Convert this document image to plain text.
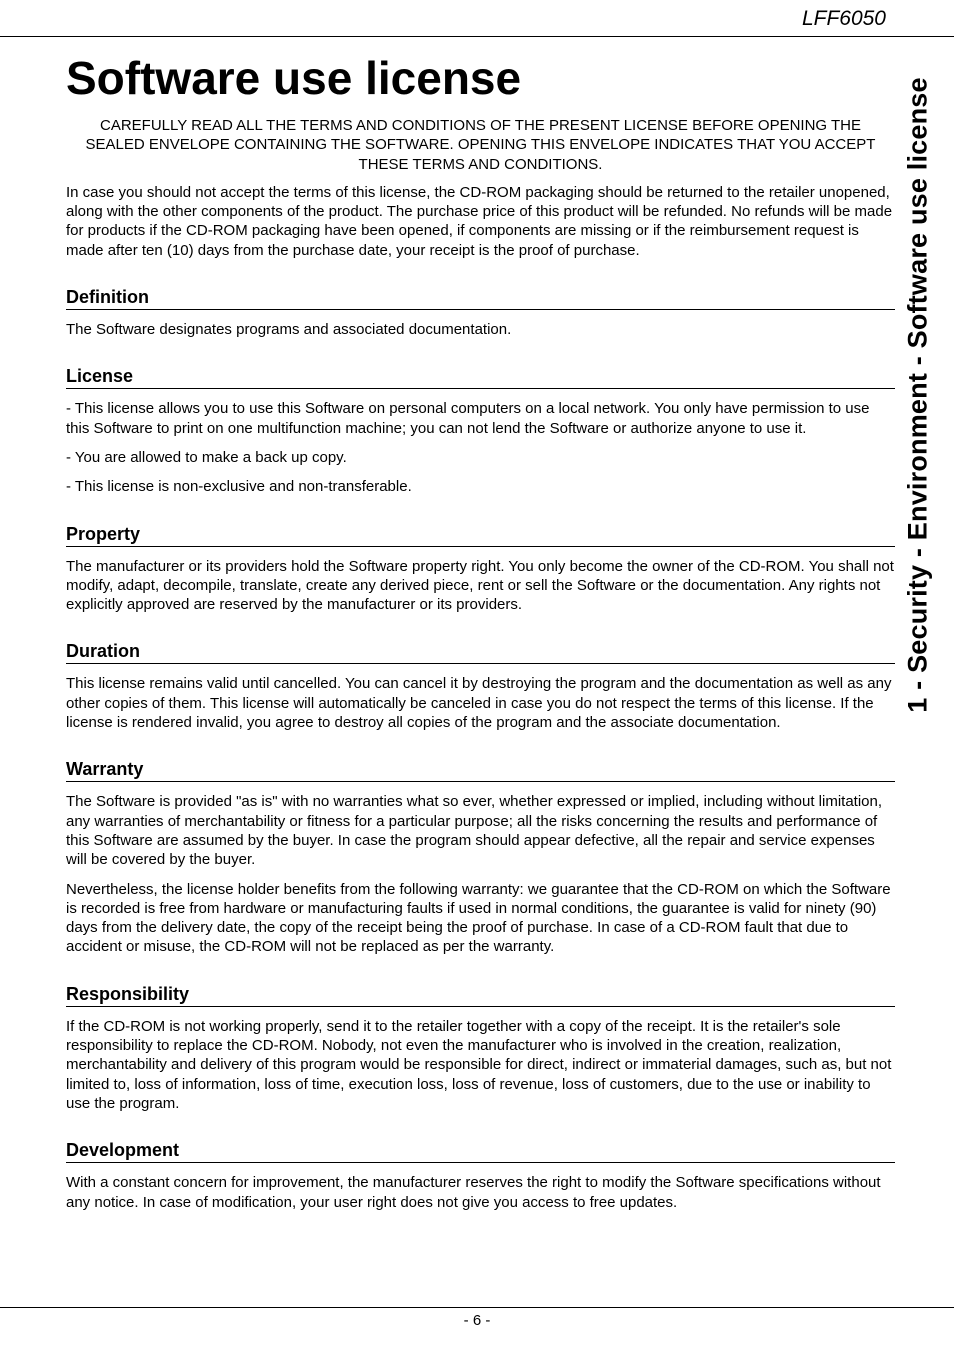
LFF6050
1 - Security - Environment - Software use license
Software use license

CAREFULLY READ ALL THE TERMS AND CONDITIONS OF THE PRESENT LICENSE BEFORE OPENING THE SEALED ENVELOPE CONTAINING THE SOFTWARE. OPENING THIS ENVELOPE INDICATES THAT YOU ACCEPT THESE TERMS AND CONDITIONS.

In case you should not accept the terms of this license, the CD-ROM packaging should be returned to the retailer unopened, along with the other components of the product. The purchase price of this product will be refunded. No refunds will be made for products if the CD-ROM packaging have been opened, if components are missing or if the reimbursement request is made after ten (10) days from the purchase date, your receipt is the proof of purchase.

Definition

The Software designates programs and associated documentation.

License

- This license allows you to use this Software on personal computers on a local network. You only have permission to use this Software to print on one multifunction machine; you can not lend the Software or authorize anyone to use it.

- You are allowed to make a back up copy.

- This license is non-exclusive and non-transferable.

Property

The manufacturer or its providers hold the Software property right. You only become the owner of the CD-ROM. You shall not modify, adapt, decompile, translate, create any derived piece, rent or sell the Software or the documentation. Any rights not explicitly approved are reserved by the manufacturer or its providers.

Duration

This license remains valid until cancelled. You can cancel it by destroying the program and the documentation as well as any other copies of them. This license will automatically be canceled in case you do not respect the terms of this license. If the license is rendered invalid, you agree to destroy all copies of the program and the associate documentation.

Warranty

The Software is provided "as is" with no warranties what so ever, whether expressed or implied, including without limitation, any warranties of merchantability or fitness for a particular purpose; all the risks concerning the results and performance of this Software are assumed by the buyer. In case the program should appear defective, all the repair and service expenses will be covered by the buyer.

Nevertheless, the license holder benefits from the following warranty: we guarantee that the CD-ROM on which the Software is recorded is free from hardware or manufacturing faults if used in normal conditions, the guarantee is valid for ninety (90) days from the delivery date, the copy of the receipt being the proof of purchase. In case of a CD-ROM fault that due to accident or misuse, the CD-ROM will not be replaced as per the warranty.

Responsibility

If the CD-ROM is not working properly, send it to the retailer together with a copy of the receipt. It is the retailer's sole responsibility to replace the CD-ROM. Nobody, not even the manufacturer who is involved in the creation, realization, merchantability and delivery of this program would be responsible for direct, indirect or immaterial damages, such as, but not limited to, loss of information, loss of time, execution loss, loss of revenue, loss of customers, due to the use or inability to use the program.

Development

With a constant concern for improvement, the manufacturer reserves the right to modify the Software specifications without any notice. In case of modification, your user right does not give you access to free updates.

- 6 -
